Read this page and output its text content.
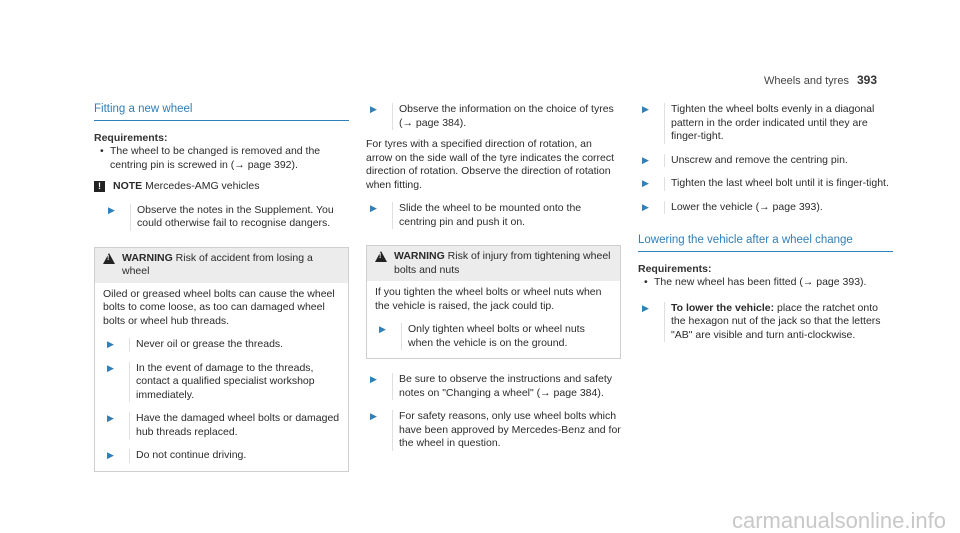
Wheels and tyres 393
Fitting a new wheel
Requirements:
• The wheel to be changed is removed and the centring pin is screwed in (→ page 392).
!	NOTE Mercedes-AMG vehicles
▶	Observe the notes in the Supplement. You could otherwise fail to recognise dangers.
! WARNING Risk of accident from losing a wheel
Oiled or greased wheel bolts can cause the wheel bolts to come loose, as too can damaged wheel bolts or wheel hub threads.
▶	Never oil or grease the threads.
▶	In the event of damage to the threads, contact a qualified specialist workshop immediately.
▶	Have the damaged wheel bolts or damaged hub threads replaced.
▶	Do not continue driving.
▶	Observe the information on the choice of tyres (→ page 384).
For tyres with a specified direction of rotation, an arrow on the side wall of the tyre indicates the correct direction of rotation. Observe the direction of rotation when fitting.
▶	Slide the wheel to be mounted onto the centring pin and push it on.
! WARNING Risk of injury from tightening wheel bolts and nuts
If you tighten the wheel bolts or wheel nuts when the vehicle is raised, the jack could tip.
▶	Only tighten wheel bolts or wheel nuts when the vehicle is on the ground.
▶	Be sure to observe the instructions and safety notes on "Changing a wheel" (→ page 384).
▶	For safety reasons, only use wheel bolts which have been approved by Mercedes-Benz and for the wheel in question.
▶	Tighten the wheel bolts evenly in a diagonal pattern in the order indicated until they are finger-tight.
▶	Unscrew and remove the centring pin.
▶	Tighten the last wheel bolt until it is finger-tight.
▶	Lower the vehicle (→ page 393).
Lowering the vehicle after a wheel change
Requirements:
• The new wheel has been fitted (→ page 393).
▶	To lower the vehicle: place the ratchet onto the hexagon nut of the jack so that the letters "AB" are visible and turn anti-clockwise.
carmanualsonline.info
